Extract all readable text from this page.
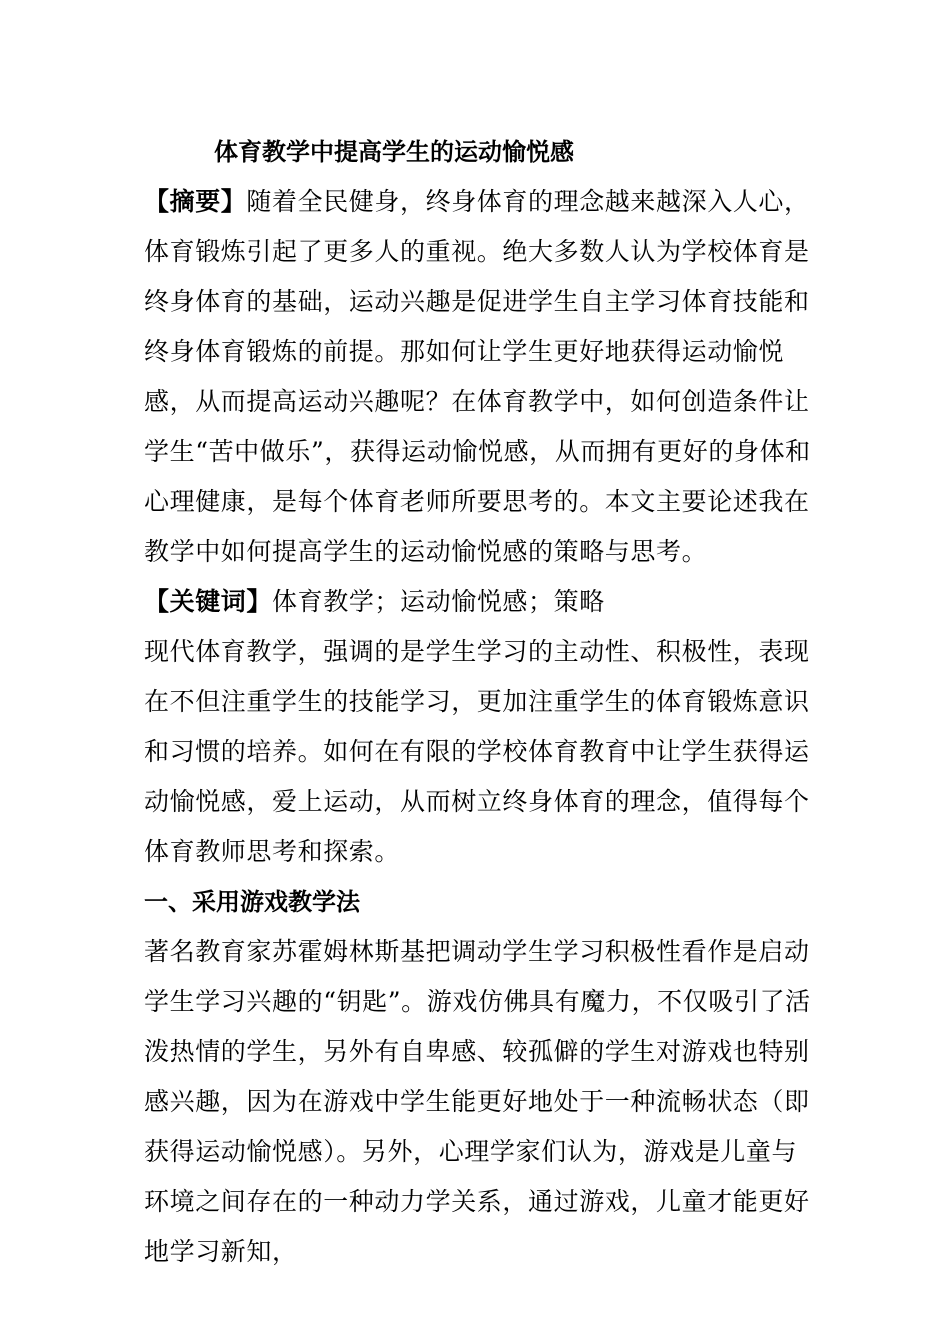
体育教学中提高学生的运动愉悦感
【摘要】随着全民健身，终身体育的理念越来越深入人心，体育锻炼引起了更多人的重视。绝大多数人认为学校体育是终身体育的基础，运动兴趣是促进学生自主学习体育技能和终身体育锻炼的前提。那如何让学生更好地获得运动愉悦感，从而提高运动兴趣呢？在体育教学中，如何创造条件让学生“苦中做乐”，获得运动愉悦感，从而拥有更好的身体和心理健康，是每个体育老师所要思考的。本文主要论述我在教学中如何提高学生的运动愉悦感的策略与思考。
【关键词】体育教学；运动愉悦感；策略
现代体育教学，强调的是学生学习的主动性、积极性，表现在不但注重学生的技能学习，更加注重学生的体育锻炼意识和习惯的培养。如何在有限的学校体育教育中让学生获得运动愉悦感，爱上运动，从而树立终身体育的理念，值得每个体育教师思考和探索。
一、采用游戏教学法
著名教育家苏霍姆林斯基把调动学生学习积极性看作是启动学生学习兴趣的“钥匙”。游戏仿佛具有魔力，不仅吸引了活泼热情的学生，另外有自卑感、较孤僻的学生对游戏也特别感兴趣，因为在游戏中学生能更好地处于一种流畅状态（即获得运动愉悦感）。另外，心理学家们认为，游戏是儿童与环境之间存在的一种动力学关系，通过游戏，儿童才能更好地学习新知，
